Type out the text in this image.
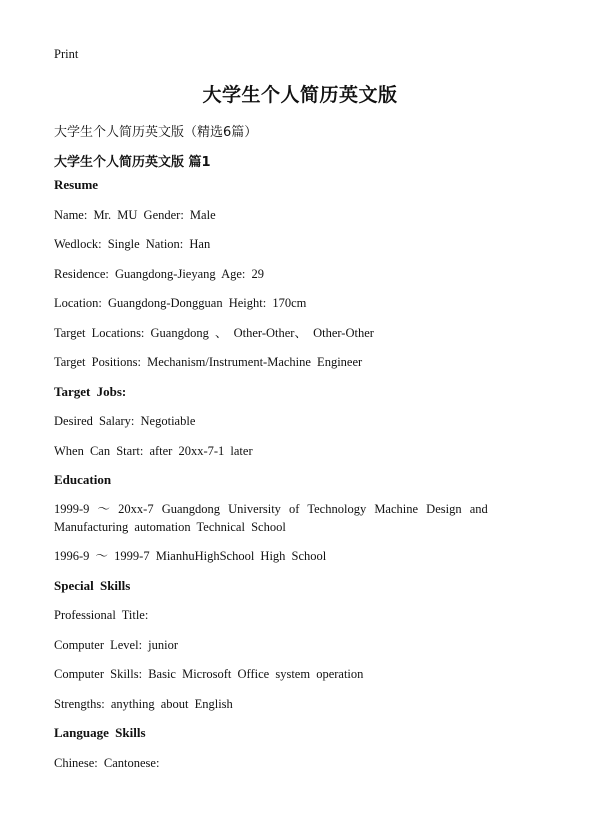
Print
大学生个人简历英文版
大学生个人简历英文版（精选6篇）
大学生个人简历英文版 篇1

Resume

Name: Mr. MU Gender: Male

Wedlock: Single Nation: Han

Residence: Guangdong-Jieyang Age: 29

Location: Guangdong-Dongguan Height: 170cm

Target Locations: Guangdong 、 Other-Other、 Other-Other

Target Positions: Mechanism/Instrument-Machine Engineer

Target Jobs:

Desired Salary: Negotiable

When Can Start: after 20xx-7-1 later

Education

1999-9 ～ 20xx-7 Guangdong University of Technology Machine Design and

Manufacturing automation Technical School

1996-9 ～ 1999-7 MianhuHighSchool High School

Special Skills

Professional Title:

Computer Level: junior

Computer Skills: Basic Microsoft Office system operation

Strengths: anything about English

Language Skills

Chinese: Cantonese:
